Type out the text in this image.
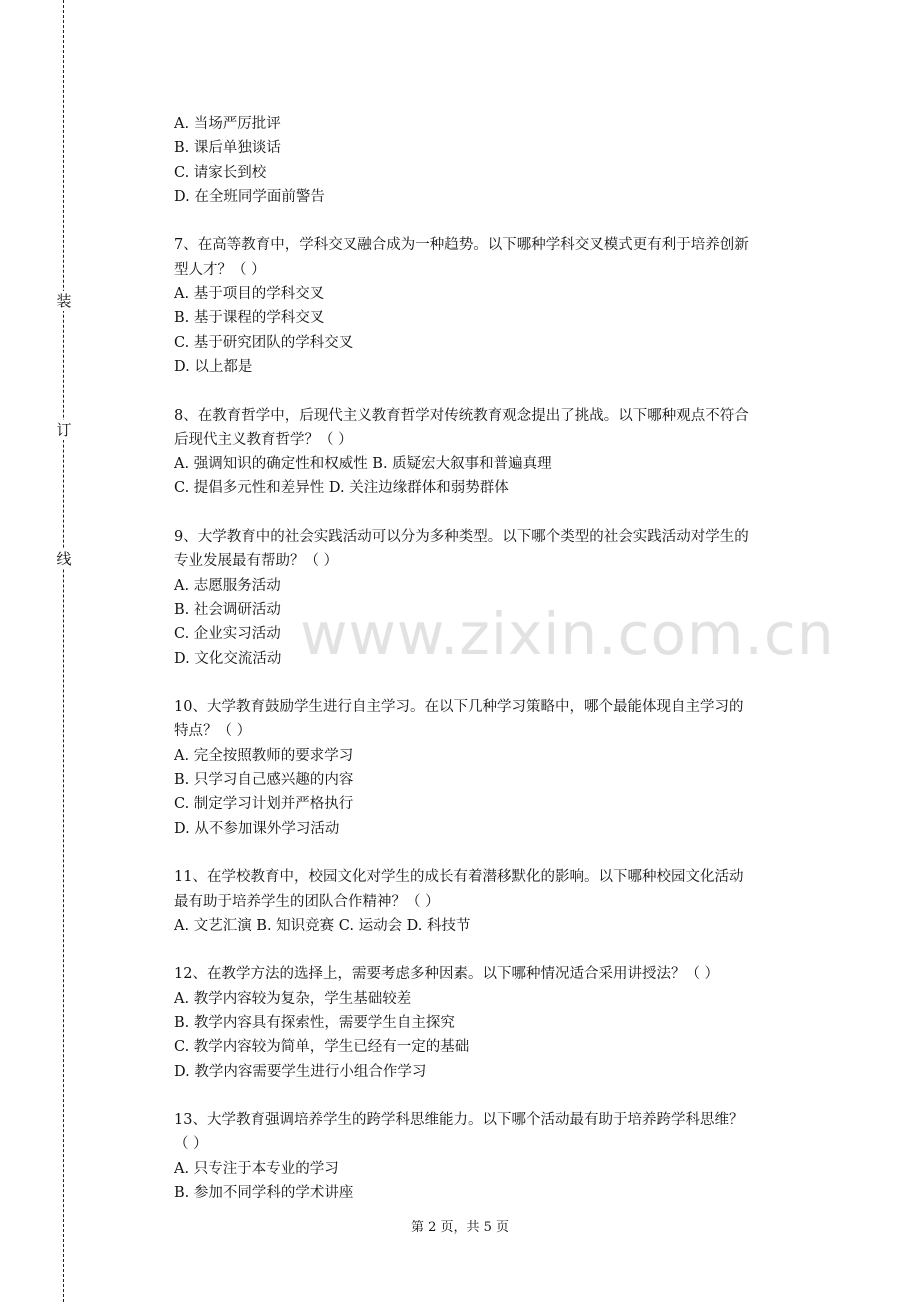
装
订
线
A. 当场严厉批评
B. 课后单独谈话
C. 请家长到校
D. 在全班同学面前警告
7、在高等教育中，学科交叉融合成为一种趋势。以下哪种学科交叉模式更有利于培养创新
型人才？（ ）
A. 基于项目的学科交叉
B. 基于课程的学科交叉
C. 基于研究团队的学科交叉
D. 以上都是
8、在教育哲学中，后现代主义教育哲学对传统教育观念提出了挑战。以下哪种观点不符合
后现代主义教育哲学？（ ）
A. 强调知识的确定性和权威性 B. 质疑宏大叙事和普遍真理
C. 提倡多元性和差异性 D. 关注边缘群体和弱势群体
9、大学教育中的社会实践活动可以分为多种类型。以下哪个类型的社会实践活动对学生的
专业发展最有帮助？（ ）
A. 志愿服务活动
B. 社会调研活动
C. 企业实习活动
D. 文化交流活动
10、大学教育鼓励学生进行自主学习。在以下几种学习策略中，哪个最能体现自主学习的
特点？（ ）
A. 完全按照教师的要求学习
B. 只学习自己感兴趣的内容
C. 制定学习计划并严格执行
D. 从不参加课外学习活动
11、在学校教育中，校园文化对学生的成长有着潜移默化的影响。以下哪种校园文化活动
最有助于培养学生的团队合作精神？（ ）
A. 文艺汇演 B. 知识竞赛 C. 运动会 D. 科技节
12、在教学方法的选择上，需要考虑多种因素。以下哪种情况适合采用讲授法？（ ）
A. 教学内容较为复杂，学生基础较差
B. 教学内容具有探索性，需要学生自主探究
C. 教学内容较为简单，学生已经有一定的基础
D. 教学内容需要学生进行小组合作学习
13、大学教育强调培养学生的跨学科思维能力。以下哪个活动最有助于培养跨学科思维？
（ ）
A. 只专注于本专业的学习
B. 参加不同学科的学术讲座
www.zixin.com.cn
第 2 页，共 5 页
